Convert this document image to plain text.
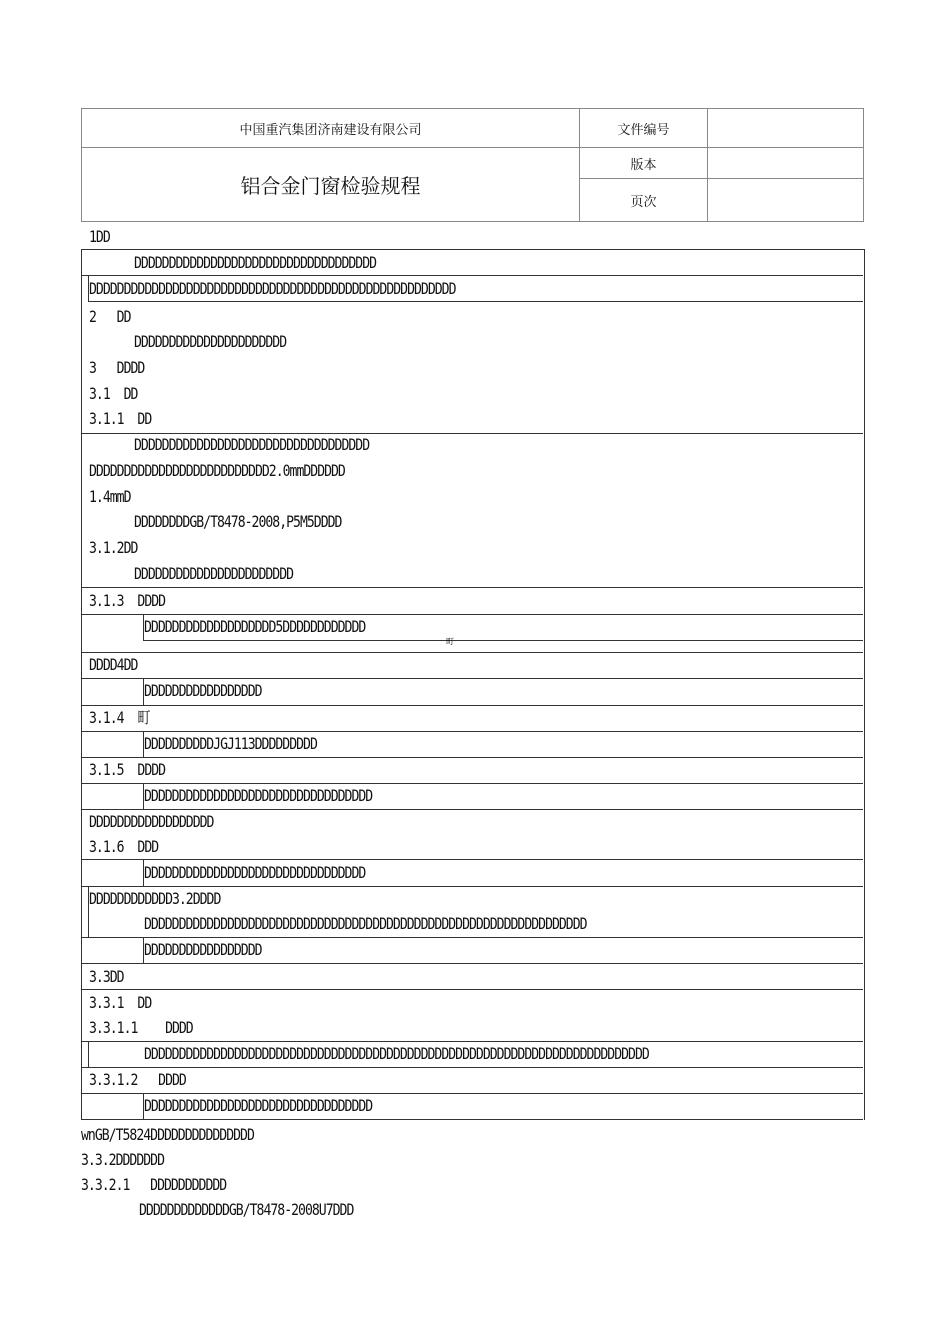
中国重汽集团济南建设有限公司	文件编号	
铝合金门窗检验规程	版本	
	页次	
1DD
DDDDDDDDDDDDDDDDDDDDDDDDDDDDDDDDDDD
DDDDDDDDDDDDDDDDDDDDDDDDDDDDDDDDDDDDDDDDDDDDDDDDDDDDD
2   DD
DDDDDDDDDDDDDDDDDDDDDD
3   DDDD
3.1  DD
3.1.1  DD
DDDDDDDDDDDDDDDDDDDDDDDDDDDDDDDDDD
DDDDDDDDDDDDDDDDDDDDDDDDDD2.0mmDDDDDD
1.4mmD
DDDDDDDDGB/T8478-2008,P5M5DDDD
3.1.2DD
DDDDDDDDDDDDDDDDDDDDDDD
3.1.3  DDDD
DDDDDDDDDDDDDDDDDDD5DDDDDDDDDDDD
町
DDDD4DD
DDDDDDDDDDDDDDDDD
3.1.4  町
DDDDDDDDDDJGJ113DDDDDDDDD
3.1.5  DDDD
DDDDDDDDDDDDDDDDDDDDDDDDDDDDDDDDD
DDDDDDDDDDDDDDDDDD
3.1.6  DDD
DDDDDDDDDDDDDDDDDDDDDDDDDDDDDDDD
DDDDDDDDDDDD3.2DDDD
DDDDDDDDDDDDDDDDDDDDDDDDDDDDDDDDDDDDDDDDDDDDDDDDDDDDDDDDDDDDDDDD
DDDDDDDDDDDDDDDDD
3.3DD
3.3.1  DD
3.3.1.1    DDDD
DDDDDDDDDDDDDDDDDDDDDDDDDDDDDDDDDDDDDDDDDDDDDDDDDDDDDDDDDDDDDDDDDDDDDDDDD
3.3.1.2   DDDD
DDDDDDDDDDDDDDDDDDDDDDDDDDDDDDDDD
wnGB/T5824DDDDDDDDDDDDDDD
3.3.2DDDDDDD
3.3.2.1   DDDDDDDDDDD
DDDDDDDDDDDDDGB/T8478-2008U7DDD
